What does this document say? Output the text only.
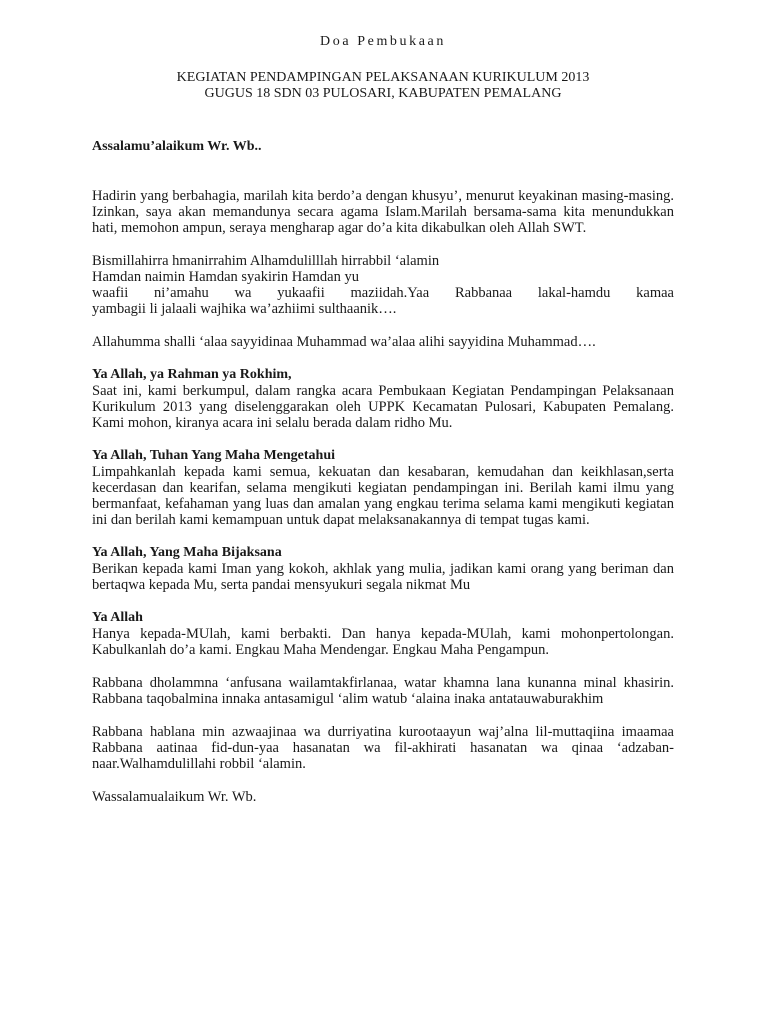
Doa Pembukaan

KEGIATAN PENDAMPINGAN PELAKSANAAN KURIKULUM 2013

GUGUS 18 SDN 03 PULOSARI, KABUPATEN PEMALANG

Assalamu’alaikum Wr. Wb..

Hadirin yang berbahagia, marilah kita berdo’a dengan khusyu’, menurut keyakinan masing-masing. Izinkan, saya akan memandunya secara agama Islam.Marilah bersama-sama kita menundukkan hati, memohon ampun, seraya mengharap agar do’a kita dikabulkan oleh Allah SWT.

Bismillahirra hmanirrahim Alhamdulilllah hirrabbil ‘alamin

Hamdan naimin Hamdan syakirin Hamdan yu

waafii ni’amahu wa yukaafii maziidah.Yaa Rabbanaa lakal-hamdu kamaa

yambagii li jalaali wajhika wa’azhiimi sulthaanik….

Allahumma shalli ‘alaa sayyidinaa Muhammad wa’alaa alihi sayyidina Muhammad….

Ya Allah, ya Rahman ya Rokhim,

Saat ini, kami berkumpul, dalam rangka acara Pembukaan Kegiatan Pendampingan Pelaksanaan Kurikulum 2013 yang diselenggarakan oleh UPPK Kecamatan Pulosari, Kabupaten Pemalang. Kami mohon, kiranya acara ini selalu berada dalam ridho Mu.

Ya Allah, Tuhan Yang Maha Mengetahui

Limpahkanlah kepada kami semua, kekuatan dan kesabaran, kemudahan dan keikhlasan,serta kecerdasan dan kearifan, selama mengikuti kegiatan pendampingan ini. Berilah kami ilmu yang bermanfaat, kefahaman yang luas dan amalan yang engkau terima selama kami mengikuti kegiatan ini dan berilah kami kemampuan untuk dapat melaksanakannya di tempat tugas kami.

Ya Allah, Yang Maha Bijaksana

Berikan kepada kami Iman yang kokoh, akhlak yang mulia, jadikan kami orang yang beriman dan bertaqwa kepada Mu, serta pandai mensyukuri segala nikmat Mu

Ya Allah

Hanya kepada-MUlah, kami berbakti. Dan hanya kepada-MUlah, kami mohonpertolongan. Kabulkanlah do’a kami. Engkau Maha Mendengar. Engkau Maha Pengampun.

Rabbana dholammna ‘anfusana wailamtakfirlanaa, watar khamna lana kunanna minal khasirin. Rabbana taqobalmina innaka antasamigul ‘alim watub ‘alaina inaka antatauwaburakhim

Rabbana hablana min azwaajinaa wa durriyatina kurootaayun waj’alna lil-muttaqiina imaamaa Rabbana aatinaa fid-dun-yaa hasanatan wa fil-akhirati hasanatan wa qinaa ‘adzaban-naar.Walhamdulillahi robbil ‘alamin.

Wassalamualaikum Wr. Wb.
